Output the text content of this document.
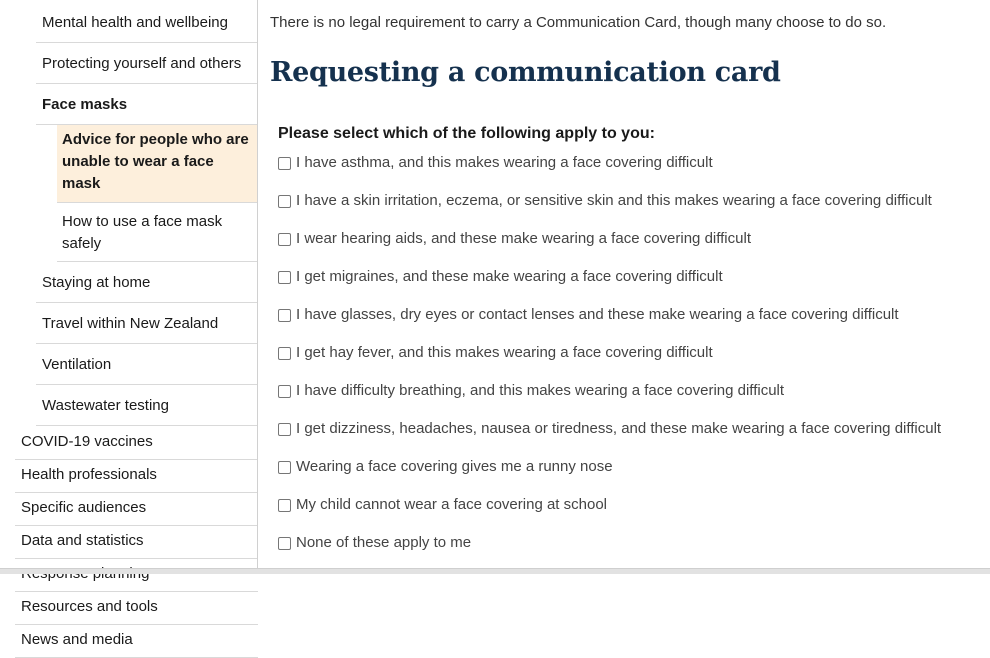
Mental health and wellbeing
Protecting yourself and others
Face masks
Advice for people who are unable to wear a face mask
How to use a face mask safely
Staying at home
Travel within New Zealand
Ventilation
Wastewater testing
COVID-19 vaccines
Health professionals
Specific audiences
Data and statistics
Resources and tools
News and media

There is no legal requirement to carry a Communication Card, though many choose to do so.

Requesting a communication card

Please select which of the following apply to you:

I have asthma, and this makes wearing a face covering difficult
I have a skin irritation, eczema, or sensitive skin and this makes wearing a face covering difficult
I wear hearing aids, and these make wearing a face covering difficult
I get migraines, and these make wearing a face covering difficult
I have glasses, dry eyes or contact lenses and these make wearing a face covering difficult
I get hay fever, and this makes wearing a face covering difficult
I have difficulty breathing, and this makes wearing a face covering difficult
I get dizziness, headaches, nausea or tiredness, and these make wearing a face covering difficult
Wearing a face covering gives me a runny nose
My child cannot wear a face covering at school
None of these apply to me
